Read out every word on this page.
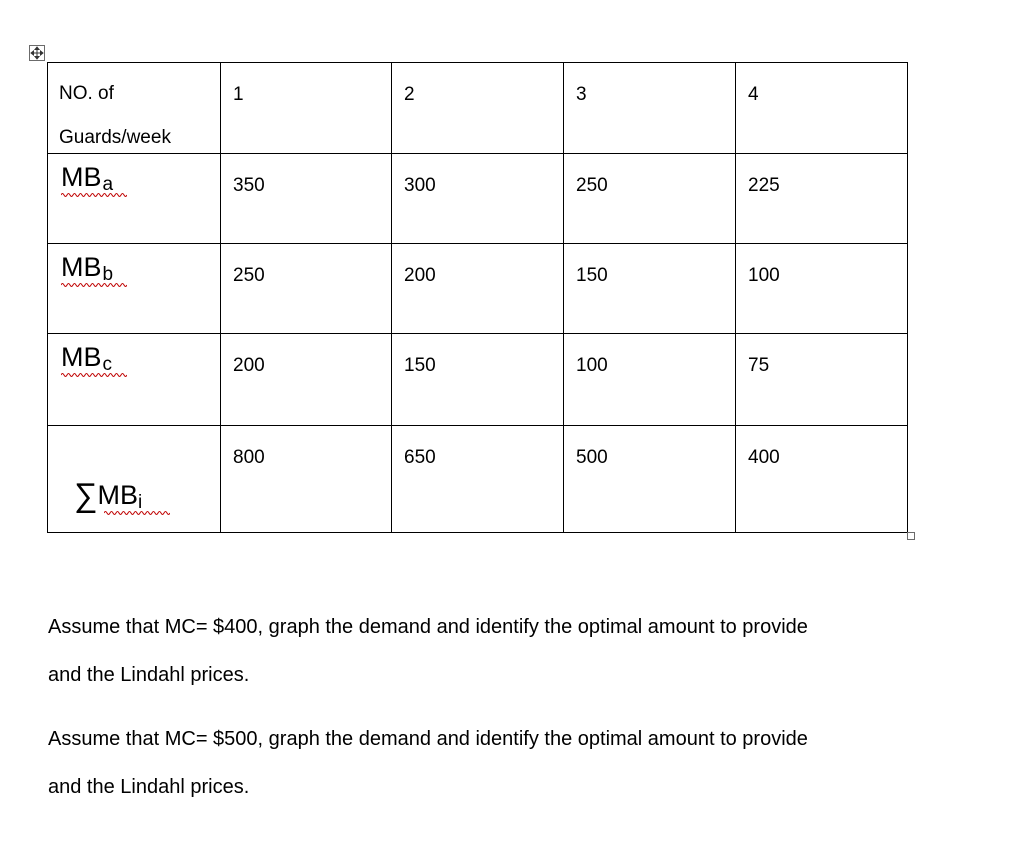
NO. of
Guards/week	1	2	3	4

MBa	350	300	250	225

MBb	250	200	150	100

MBc	200	150	100	75

∑MBi	800	650	500	400
Assume that MC= $400, graph the demand and identify the optimal amount to provide
and the Lindahl prices.
Assume that MC= $500, graph the demand and identify the optimal amount to provide
and the Lindahl prices.
